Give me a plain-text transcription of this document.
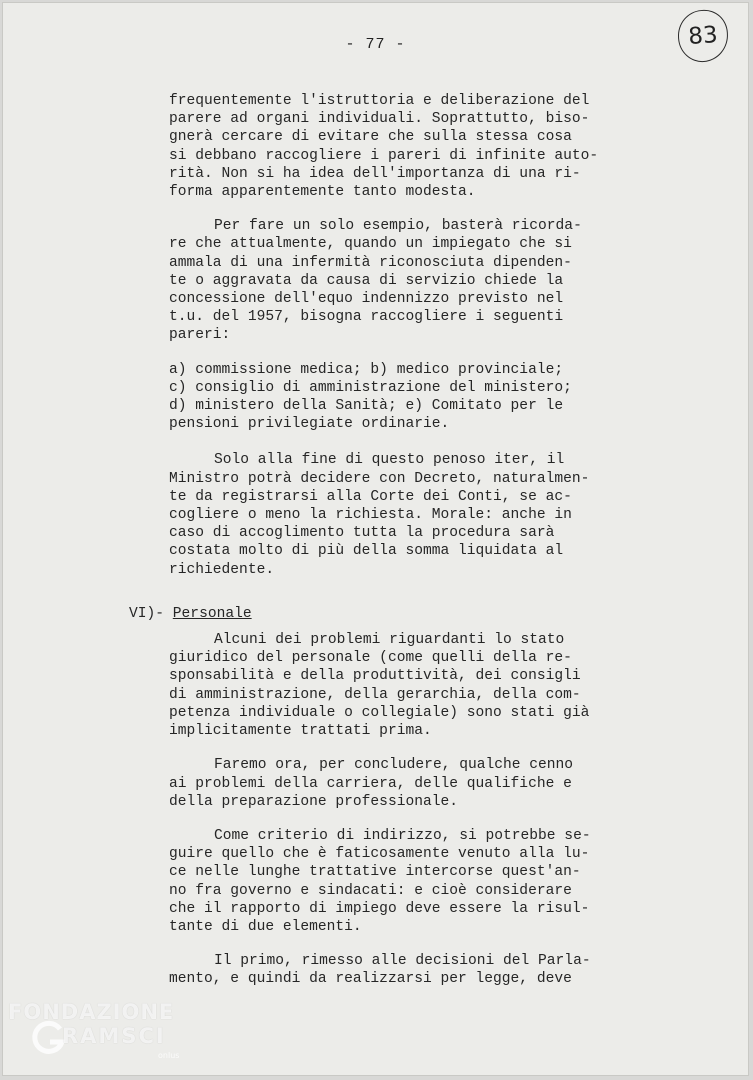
- 77 -	83
frequentemente l'istruttoria e deliberazione del
parere ad organi individuali. Soprattutto, biso-
gnerà cercare di evitare che sulla stessa cosa
si debbano raccogliere i pareri di infinite auto-
rità. Non si ha idea dell'importanza di una ri-
forma apparentemente tanto modesta.
Per fare un solo esempio, basterà ricorda-
re che attualmente, quando un impiegato che si
ammala di una infermità riconosciuta dipenden-
te o aggravata da causa di servizio chiede la
concessione dell'equo indennizzo previsto nel
t.u. del 1957, bisogna raccogliere i seguenti
pareri:
a) commissione medica; b) medico provinciale;
c) consiglio di amministrazione del ministero;
d) ministero della Sanità; e) Comitato per le
pensioni privilegiate ordinarie.
Solo alla fine di questo penoso iter, il
Ministro potrà decidere con Decreto, naturalmen-
te da registrarsi alla Corte dei Conti, se ac-
cogliere o meno la richiesta. Morale: anche in
caso di accoglimento tutta la procedura sarà
costata molto di più della somma liquidata al
richiedente.
VI)- Personale
Alcuni dei problemi riguardanti lo stato
giuridico del personale (come quelli della re-
sponsabilità e della produttività, dei consigli
di amministrazione, della gerarchia, della com-
petenza individuale o collegiale) sono stati già
implicitamente trattati prima.
Faremo ora, per concludere, qualche cenno
ai problemi della carriera, delle qualifiche e
della preparazione professionale.
Come criterio di indirizzo, si potrebbe se-
guire quello che è faticosamente venuto alla lu-
ce nelle lunghe trattative intercorse quest'an-
no fra governo e sindacati: e cioè considerare
che il rapporto di impiego deve essere la risul-
tante di due elementi.
Il primo, rimesso alle decisioni del Parla-
mento, e quindi da realizzarsi per legge, deve
FONDAZIONE
RAMSCI
onlus
